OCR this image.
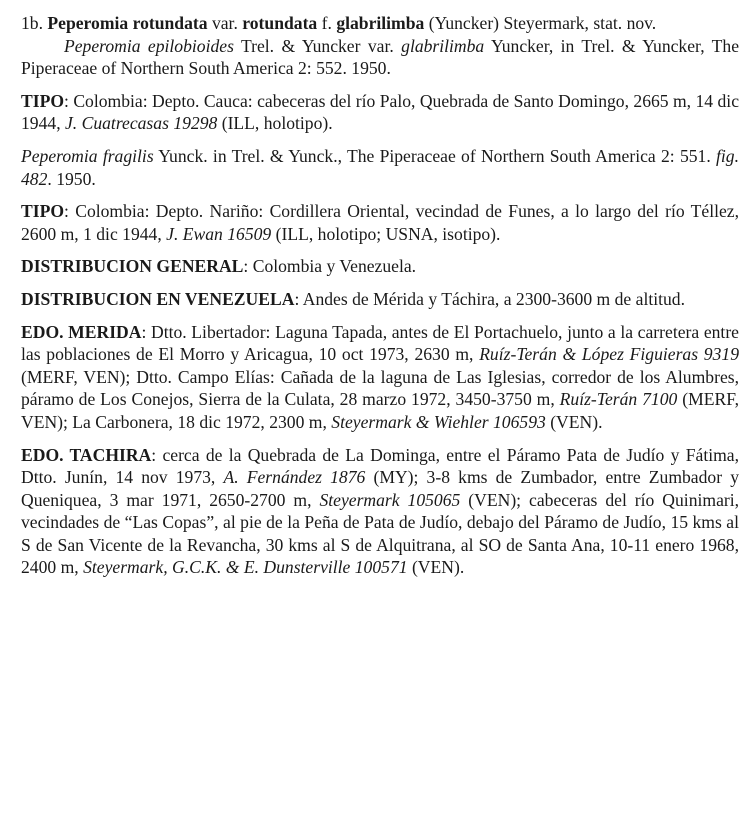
1b. Peperomia rotundata var. rotundata f. glabrilimba (Yuncker) Steyermark, stat. nov.

Peperomia epilobioides Trel. & Yuncker var. glabrilimba Yuncker, in Trel. & Yuncker, The Piperaceae of Northern South America 2: 552. 1950.

TIPO: Colombia: Depto. Cauca: cabeceras del río Palo, Quebrada de Santo Domingo, 2665 m, 14 dic 1944, J. Cuatrecasas 19298 (ILL, holotipo).

Peperomia fragilis Yunck. in Trel. & Yunck., The Piperaceae of Northern South America 2: 551. fig. 482. 1950.

TIPO: Colombia: Depto. Nariño: Cordillera Oriental, vecindad de Funes, a lo largo del río Téllez, 2600 m, 1 dic 1944, J. Ewan 16509 (ILL, holotipo; USNA, isotipo).

DISTRIBUCION GENERAL: Colombia y Venezuela.

DISTRIBUCION EN VENEZUELA: Andes de Mérida y Táchira, a 2300-3600 m de altitud.

EDO. MERIDA: Dtto. Libertador: Laguna Tapada, antes de El Portachuelo, junto a la carretera entre las poblaciones de El Morro y Aricagua, 10 oct 1973, 2630 m, Ruíz-Terán & López Figuieras 9319 (MERF, VEN); Dtto. Campo Elías: Cañada de la laguna de Las Iglesias, corredor de los Alumbres, páramo de Los Conejos, Sierra de la Culata, 28 marzo 1972, 3450-3750 m, Ruíz-Terán 7100 (MERF, VEN); La Carbonera, 18 dic 1972, 2300 m, Steyermark & Wiehler 106593 (VEN).

EDO. TACHIRA: cerca de la Quebrada de La Dominga, entre el Páramo Pata de Judío y Fátima, Dtto. Junín, 14 nov 1973, A. Fernández 1876 (MY); 3-8 kms de Zumbador, entre Zumbador y Queniquea, 3 mar 1971, 2650-2700 m, Steyermark 105065 (VEN); cabeceras del río Quinimari, vecindades de “Las Copas”, al pie de la Peña de Pata de Judío, debajo del Páramo de Judío, 15 kms al S de San Vicente de la Revancha, 30 kms al S de Alquitrana, al SO de Santa Ana, 10-11 enero 1968, 2400 m, Steyermark, G.C.K. & E. Dunsterville 100571 (VEN).
